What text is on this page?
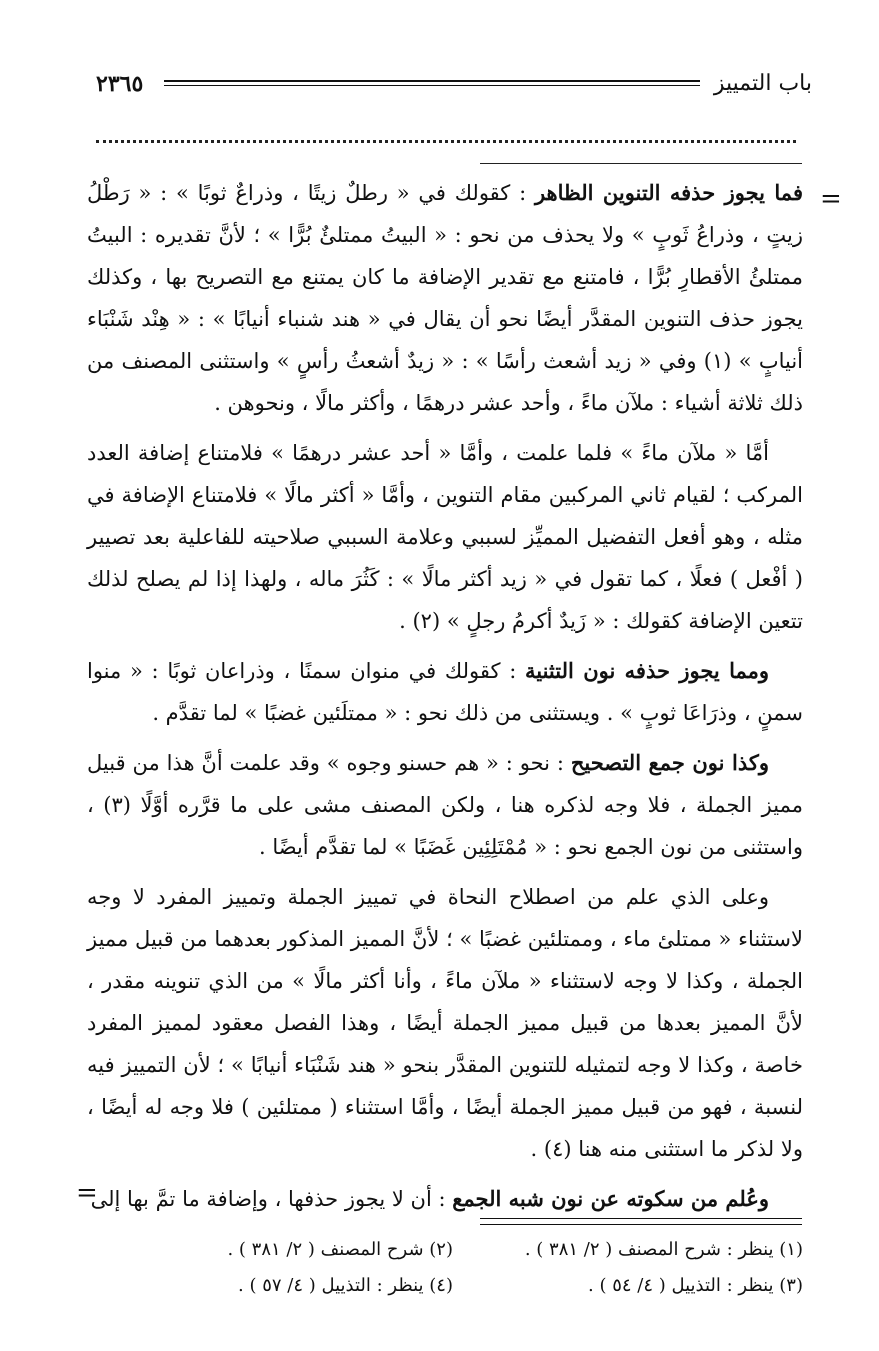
باب التمييز
٢٣٦٥
=

فما يجوز حذفه التنوين الظاهر : كقولك في « رطلٌ زيتًا ، وذراعٌ ثوبًا » : « رَطْلُ زيتٍ ، وذراعُ ثَوبٍ » ولا يحذف من نحو : « البيتُ ممتلئٌ بُرًّا » ؛ لأنَّ تقديره : البيتُ ممتلئُ الأقطارِ بُرًّا ، فامتنع مع تقدير الإضافة ما كان يمتنع مع التصريح بها ، وكذلك يجوز حذف التنوين المقدَّر أيضًا نحو أن يقال في « هند شنباء أنيابًا » : « هِنْد شَنْبَاء أنيابٍ » (١) وفي « زيد أشعث رأسًا » : « زيدٌ أشعثُ رأسٍ » واستثنى المصنف من ذلك ثلاثة أشياء : ملآن ماءً ، وأحد عشر درهمًا ، وأكثر مالًا ، ونحوهن .

أمَّا « ملآن ماءً » فلما علمت ، وأمَّا « أحد عشر درهمًا » فلامتناع إضافة العدد المركب ؛ لقيام ثاني المركبين مقام التنوين ، وأمَّا « أكثر مالًا » فلامتناع الإضافة في مثله ، وهو أفعل التفضيل المميِّز لسببي وعلامة السببي صلاحيته للفاعلية بعد تصيير ( أفْعل ) فعلًا ، كما تقول في « زيد أكثر مالًا » : كَثُرَ ماله ، ولهذا إذا لم يصلح لذلك تتعين الإضافة كقولك : « زَيدٌ أكرمُ رجلٍ » (٢) .

ومما يجوز حذفه نون التثنية : كقولك في منوان سمنًا ، وذراعان ثوبًا : « منوا سمنٍ ، وذرَاعَا ثوبٍ » . ويستثنى من ذلك نحو : « ممتلَئين غضبًا » لما تقدَّم .

وكذا نون جمع التصحيح : نحو : « هم حسنو وجوه » وقد علمت أنَّ هذا من قبيل مميز الجملة ، فلا وجه لذكره هنا ، ولكن المصنف مشى على ما قرَّره أوَّلًا (٣) ، واستثنى من نون الجمع نحو : « مُمْتَلِئِين غَضَبًا » لما تقدَّم أيضًا .

وعلى الذي علم من اصطلاح النحاة في تمييز الجملة وتمييز المفرد لا وجه لاستثناء « ممتلئ ماء ، وممتلئين غضبًا » ؛ لأنَّ المميز المذكور بعدهما من قبيل مميز الجملة ، وكذا لا وجه لاستثناء « ملآن ماءً ، وأنا أكثر مالًا » من الذي تنوينه مقدر ، لأنَّ المميز بعدها من قبيل مميز الجملة أيضًا ، وهذا الفصل معقود لمميز المفرد خاصة ، وكذا لا وجه لتمثيله للتنوين المقدَّر بنحو « هند شَنْبَاء أنيابًا » ؛ لأن التمييز فيه لنسبة ، فهو من قبيل مميز الجملة أيضًا ، وأمَّا استثناء ( ممتلئين ) فلا وجه له أيضًا ، ولا لذكر ما استثنى منه هنا (٤) .

وعُلم من سكوته عن نون شبه الجمع : أن لا يجوز حذفها ، وإضافة ما تمَّ بها إلى

=
(١) ينظر : شرح المصنف ( ٢/ ٣٨١ ) .
(٢) شرح المصنف ( ٢/ ٣٨١ ) .
(٣) ينظر : التذييل ( ٤/ ٥٤ ) .
(٤) ينظر : التذييل ( ٤/ ٥٧ ) .
